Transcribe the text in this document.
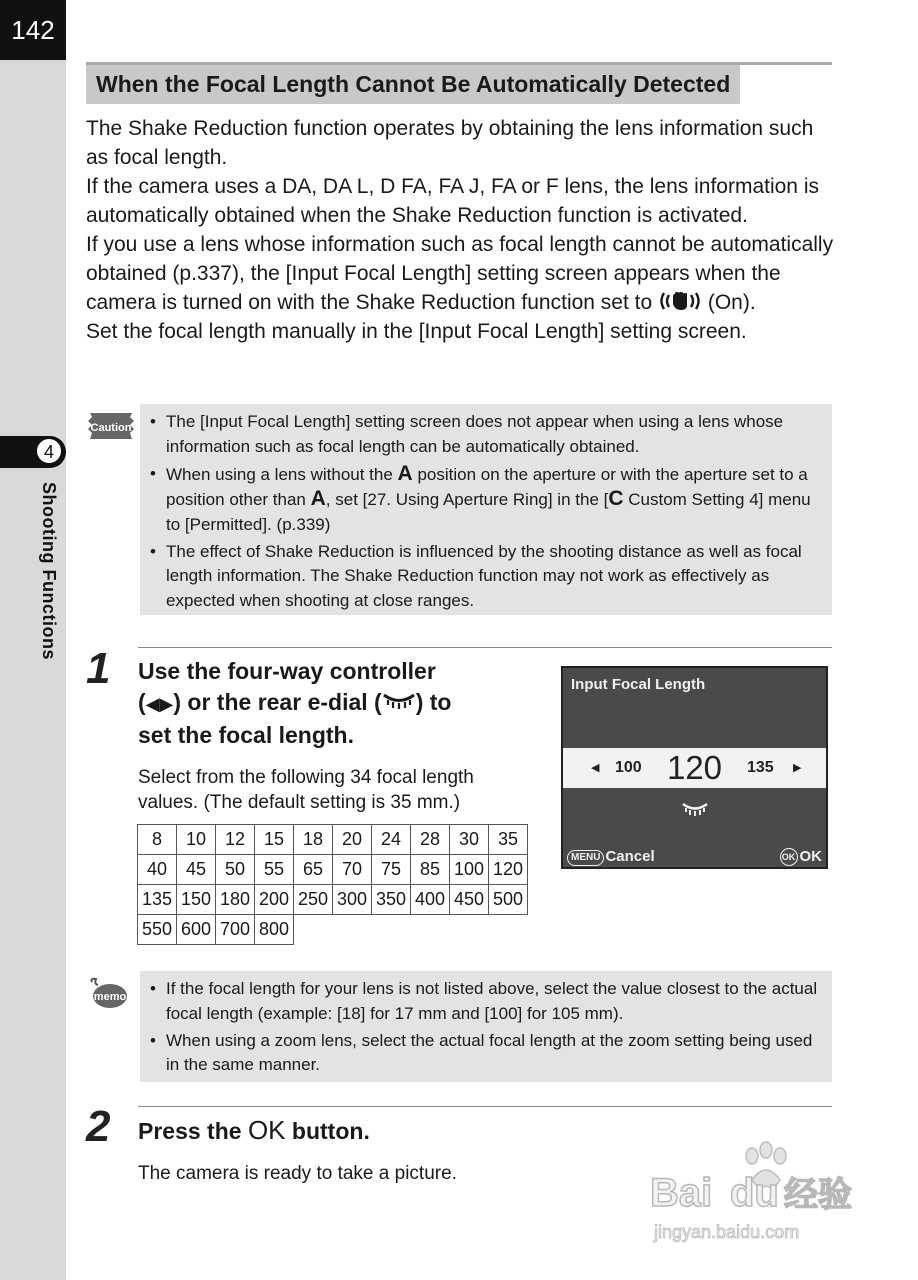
142
4
Shooting Functions
When the Focal Length Cannot Be Automatically Detected

The Shake Reduction function operates by obtaining the lens information such as focal length.

If the camera uses a DA, DA L, D FA, FA J, FA or F lens, the lens information is automatically obtained when the Shake Reduction function is activated.

If you use a lens whose information such as focal length cannot be automatically obtained (p.337), the [Input Focal Length] setting screen appears when the camera is turned on with the Shake Reduction function set to	(On).

Set the focal length manually in the [Input Focal Length] setting screen.

Caution	• The [Input Focal Length] setting screen does not appear when using a lens whose information such as focal length can be automatically obtained.
• When using a lens without the A position on the aperture or with the aperture set to a position other than A, set [27. Using Aperture Ring] in the [C Custom Setting 4] menu to [Permitted]. (p.339)
• The effect of Shake Reduction is influenced by the shooting distance as well as focal length information. The Shake Reduction function may not work as effectively as expected when shooting at close ranges.
1 Use the four-way controller
(◀▶) or the rear e-dial ( ) to
set the focal length.
Select from the following 34 focal length values. (The default setting is 35 mm.)
8	10	12	15	18	20	24	28	30	35
40	45	50	55	65	70	75	85	100	120
135	150	180	200	250	300	350	400	450	500
550	600	700	800						
Input Focal Length
◀ 100 120	135 ▶
MENU Cancel	OK OK
memo	• If the focal length for your lens is not listed above, select the value closest to the actual focal length (example: [18] for 17 mm and [100] for 105 mm).
• When using a zoom lens, select the actual focal length at the zoom setting being used in the same manner.
2 Press the OK button.
The camera is ready to take a picture.	Bai du 经验
jingyan.baidu.com
